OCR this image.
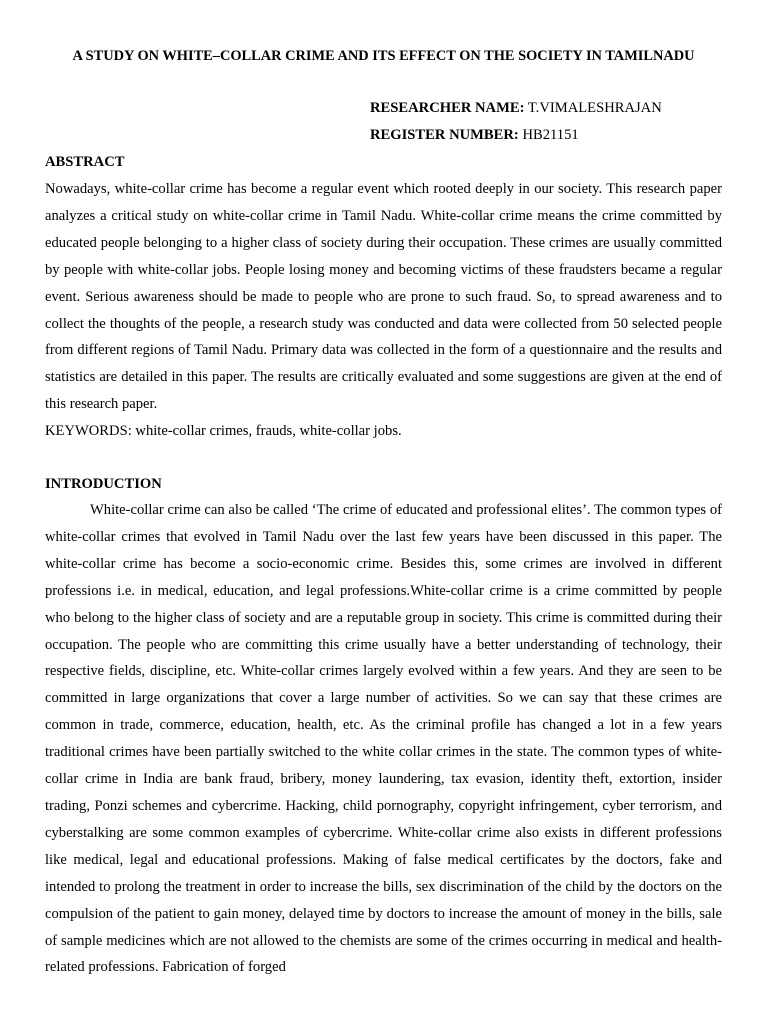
A STUDY ON WHITE–COLLAR CRIME AND ITS EFFECT ON THE SOCIETY IN TAMILNADU
RESEARCHER NAME: T.VIMALESHRAJAN
REGISTER NUMBER: HB21151
ABSTRACT

Nowadays, white-collar crime has become a regular event which rooted deeply in our society. This research paper analyzes a critical study on white-collar crime in Tamil Nadu. White-collar crime means the crime committed by educated people belonging to a higher class of society during their occupation. These crimes are usually committed by people with white-collar jobs. People losing money and becoming victims of these fraudsters became a regular event. Serious awareness should be made to people who are prone to such fraud. So, to spread awareness and to collect the thoughts of the people, a research study was conducted and data were collected from 50 selected people from different regions of Tamil Nadu. Primary data was collected in the form of a questionnaire and the results and statistics are detailed in this paper. The results are critically evaluated and some suggestions are given at the end of this research paper.

KEYWORDS: white-collar crimes, frauds, white-collar jobs.

INTRODUCTION

White-collar crime can also be called ‘The crime of educated and professional elites’. The common types of white-collar crimes that evolved in Tamil Nadu over the last few years have been discussed in this paper. The white-collar crime has become a socio-economic crime. Besides this, some crimes are involved in different professions i.e. in medical, education, and legal professions.White-collar crime is a crime committed by people who belong to the higher class of society and are a reputable group in society. This crime is committed during their occupation. The people who are committing this crime usually have a better understanding of technology, their respective fields, discipline, etc. White-collar crimes largely evolved within a few years. And they are seen to be committed in large organizations that cover a large number of activities. So we can say that these crimes are common in trade, commerce, education, health, etc. As the criminal profile has changed a lot in a few years traditional crimes have been partially switched to the white collar crimes in the state. The common types of white-collar crime in India are bank fraud, bribery, money laundering, tax evasion, identity theft, extortion, insider trading, Ponzi schemes and cybercrime. Hacking, child pornography, copyright infringement, cyber terrorism, and cyberstalking are some common examples of cybercrime. White-collar crime also exists in different professions like medical, legal and educational professions. Making of false medical certificates by the doctors, fake and intended to prolong the treatment in order to increase the bills, sex discrimination of the child by the doctors on the compulsion of the patient to gain money, delayed time by doctors to increase the amount of money in the bills, sale of sample medicines which are not allowed to the chemists are some of the crimes occurring in medical and health-related professions. Fabrication of forged
